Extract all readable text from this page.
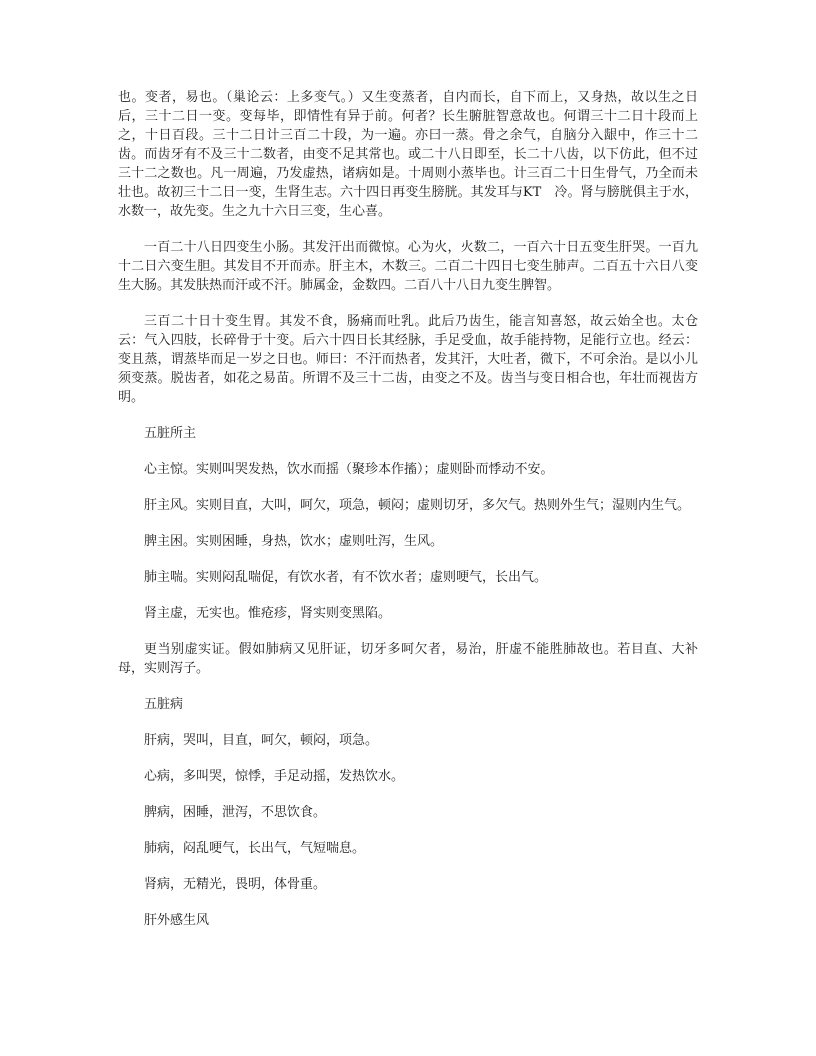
也。变者，易也。（巢论云：上多变气。）又生变蒸者，自内而长，自下而上，又身热，故以生之日后，三十二日一变。变每毕，即情性有异于前。何者？长生腑脏智意故也。何谓三十二日十段而上之，十日百段。三十二日计三百二十段，为一遍。亦曰一蒸。骨之余气，自脑分入龈中，作三十二齿。而齿牙有不及三十二数者，由变不足其常也。或二十八日即至，长二十八齿，以下仿此，但不过三十二之数也。凡一周遍，乃发虚热，诸病如是。十周则小蒸毕也。计三百二十日生骨气，乃全而未壮也。故初三十二日一变，生肾生志。六十四日再变生膀胱。其发耳与KT　冷。肾与膀胱俱主于水，水数一，故先变。生之九十六日三变，生心喜。

一百二十八日四变生小肠。其发汗出而微惊。心为火，火数二，一百六十日五变生肝哭。一百九十二日六变生胆。其发目不开而赤。肝主木，木数三。二百二十四日七变生肺声。二百五十六日八变生大肠。其发肤热而汗或不汗。肺属金，金数四。二百八十八日九变生脾智。

三百二十日十变生胃。其发不食，肠痛而吐乳。此后乃齿生，能言知喜怒，故云始全也。太仓云：气入四肢，长碎骨于十变。后六十四日长其经脉，手足受血，故手能持物，足能行立也。经云：变且蒸，谓蒸毕而足一岁之日也。师曰：不汗而热者，发其汗，大吐者，微下，不可余治。是以小儿须变蒸。脱齿者，如花之易苗。所谓不及三十二齿，由变之不及。齿当与变日相合也，年壮而视齿方明。

五脏所主

心主惊。实则叫哭发热，饮水而摇（聚珍本作搐）；虚则卧而悸动不安。

肝主风。实则目直，大叫，呵欠，项急，顿闷；虚则切牙，多欠气。热则外生气；湿则内生气。

脾主困。实则困睡，身热，饮水；虚则吐泻，生风。

肺主喘。实则闷乱喘促，有饮水者，有不饮水者；虚则哽气，长出气。

肾主虚，无实也。惟疮疹，肾实则变黑陷。

更当别虚实证。假如肺病又见肝证，切牙多呵欠者，易治，肝虚不能胜肺故也。若目直、大补母，实则泻子。

五脏病

肝病，哭叫，目直，呵欠，顿闷，项急。

心病，多叫哭，惊悸，手足动摇，发热饮水。

脾病，困睡，泄泻，不思饮食。

肺病，闷乱哽气，长出气，气短喘息。

肾病，无精光，畏明，体骨重。

肝外感生风
